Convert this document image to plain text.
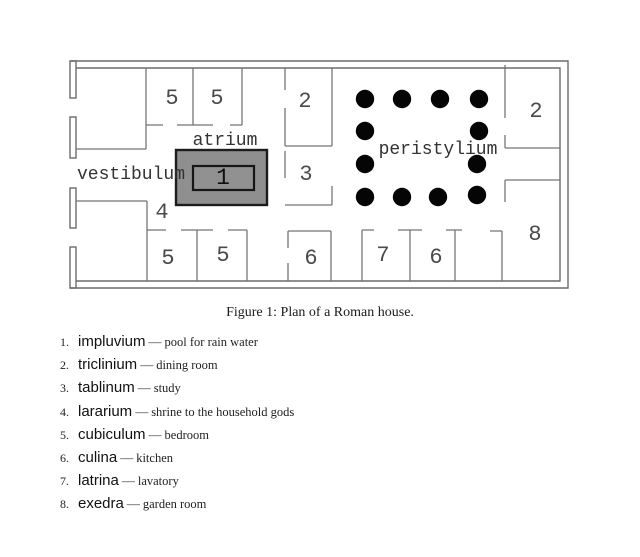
1
vestibulum
atrium	peristylium
5 5	2
3
4
5 5	6	7 6
2
8
Figure 1: Plan of a Roman house.
1. impluvium — pool for rain water
2. triclinium — dining room
3. tablinum — study
4. lararium — shrine to the household gods
5. cubiculum — bedroom
6. culina — kitchen
7. latrina — lavatory
8. exedra — garden room
